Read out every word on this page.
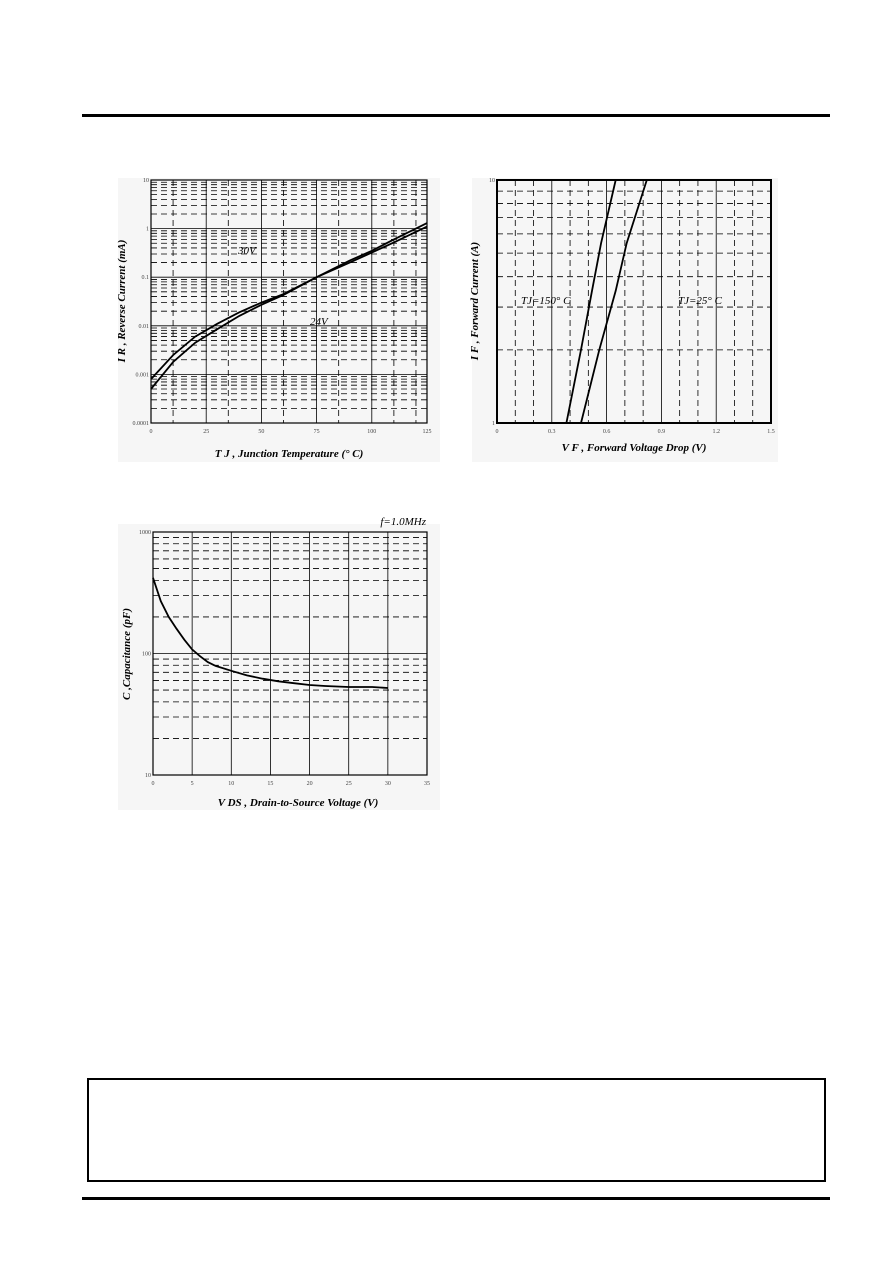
0	25	50	75	100	125
10
1
0.1
0.01
0.001
0.0001
30V
24V
T J , Junction Temperature (° C)
I R , Reverse Current (mA)
0	0.3	0.6	0.9	1.2	1.5
10
1
TJ=150° C	TJ=25° C
V F , Forward Voltage Drop (V)
I F , Forward Current (A)
0	5	10	15	20	25	30	35
1000
100
10
f=1.0MHz
V DS , Drain-to-Source Voltage (V)
C ,Capacitance (pF)
